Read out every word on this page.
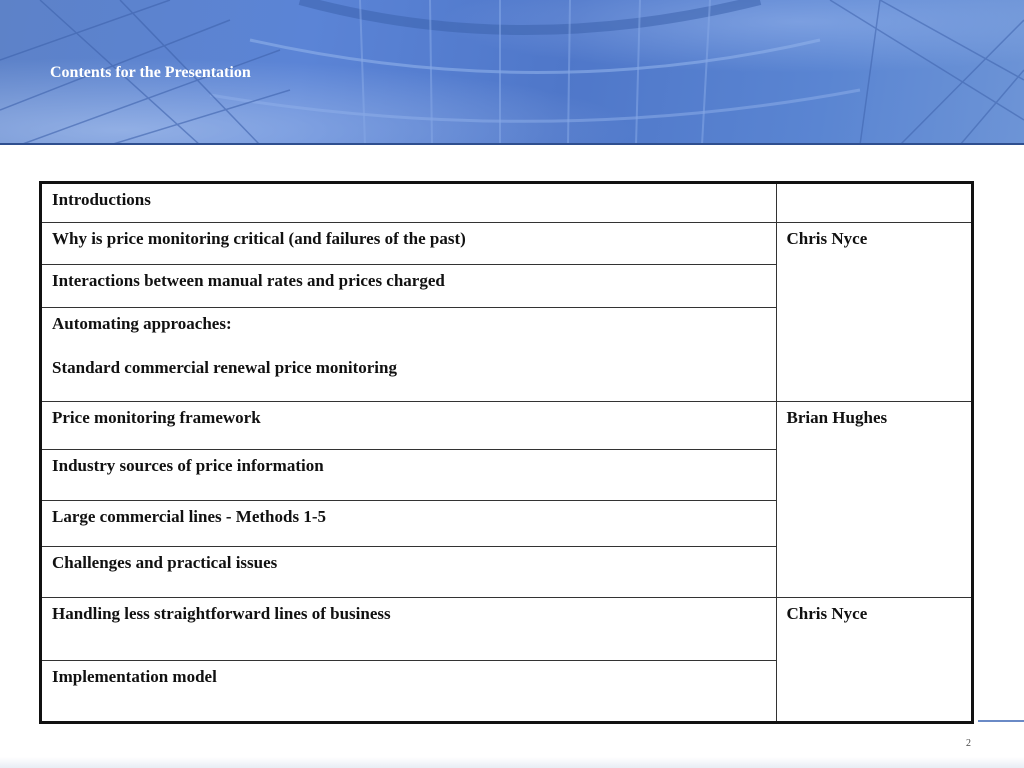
Contents for the Presentation
Introductions	
Why is price monitoring critical (and failures of the past)	Chris Nyce
Interactions between manual rates and prices charged	
Automating approaches:
Standard commercial renewal price monitoring	

Price monitoring framework	Brian Hughes
Industry sources of price information	
Large commercial lines - Methods 1-5	
Challenges and practical issues	
Handling less straightforward lines of business	Chris Nyce
Implementation model	
2
